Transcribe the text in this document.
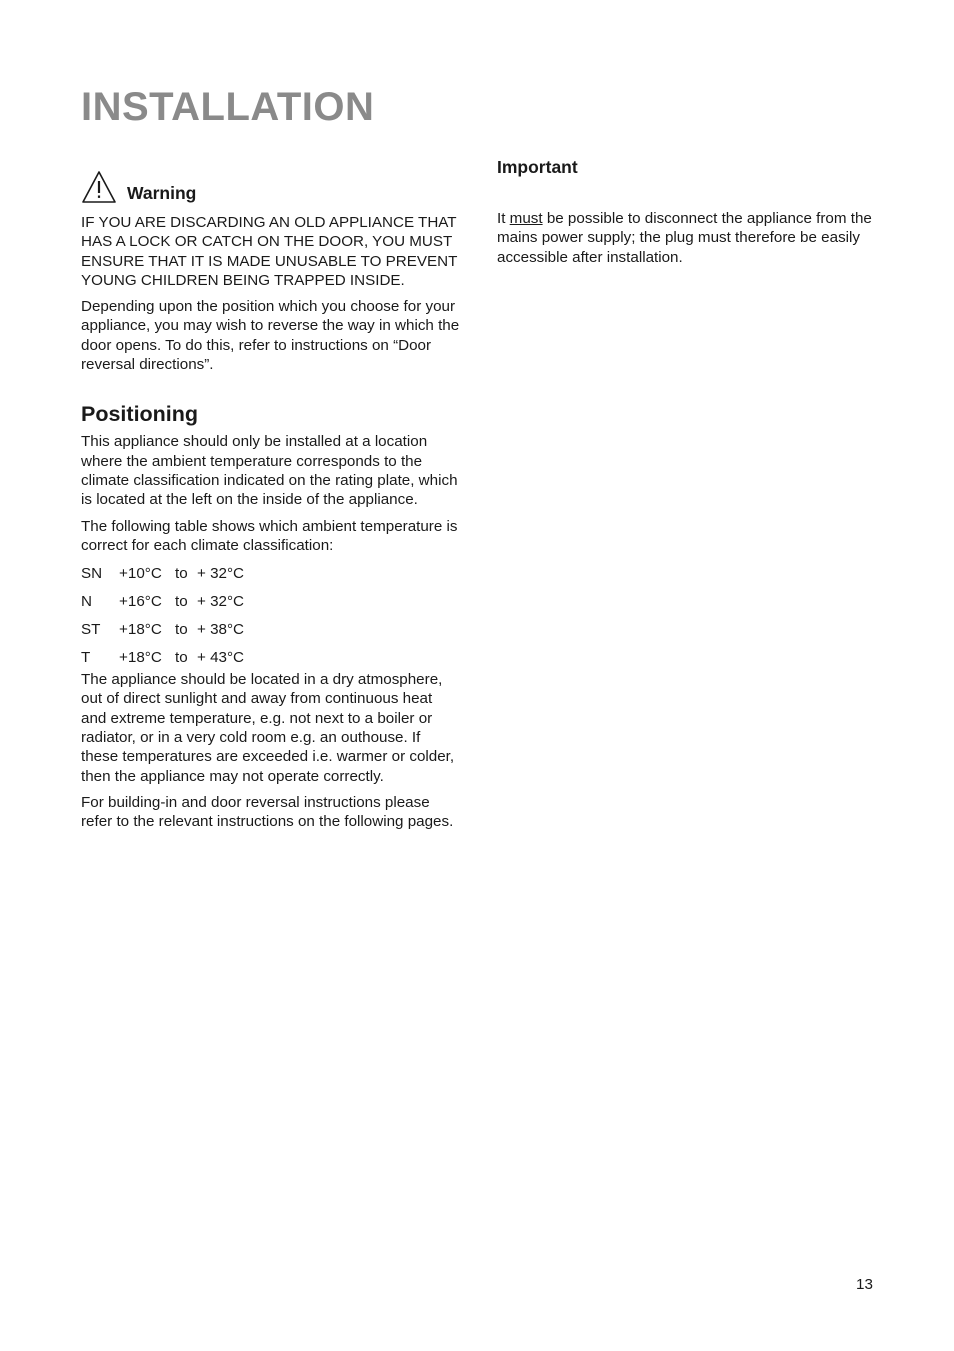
INSTALLATION
Warning

IF YOU ARE DISCARDING AN OLD APPLIANCE THAT HAS A LOCK OR CATCH ON THE DOOR, YOU MUST ENSURE THAT IT IS MADE UNUSABLE TO PREVENT YOUNG CHILDREN BEING TRAPPED INSIDE.

Depending upon the position which you choose for your appliance, you may wish to reverse the way in which the door opens. To do this, refer to instructions on “Door reversal directions”.

Positioning

This appliance should only be installed at a location where the ambient temperature corresponds to the climate classification indicated on the rating plate, which is located at the left on the inside of the appliance.

The following table shows which ambient temperature is correct for each climate classification:

SN	+10°C to + 32°C
N	+16°C to + 32°C
ST	+18°C to + 38°C
T	+18°C to + 43°C

The appliance should be located in a dry atmosphere, out of direct sunlight and away from continuous heat and extreme temperature, e.g. not next to a boiler or radiator, or in a very cold room e.g. an outhouse. If these temperatures are exceeded i.e. warmer or colder, then the appliance may not operate correctly.

For building-in and door reversal instructions please refer to the relevant instructions on the following pages.

Important

It must be possible to disconnect the appliance from the mains power supply; the plug must therefore be easily accessible after installation.

13
